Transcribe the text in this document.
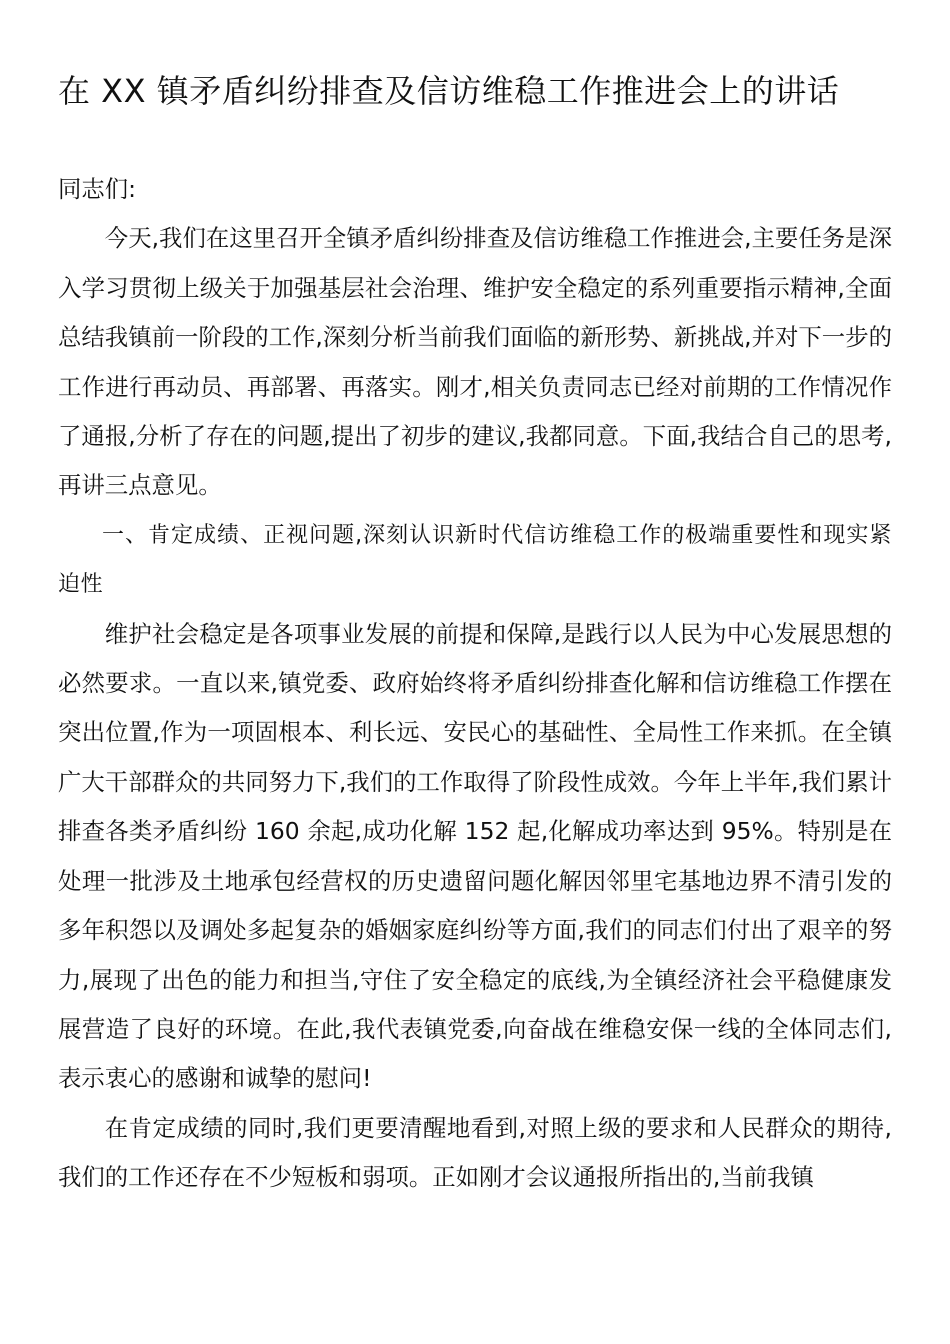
在 XX 镇矛盾纠纷排查及信访维稳工作推进会上的讲话

同志们:

今天,我们在这里召开全镇矛盾纠纷排查及信访维稳工作推进会,主要任务是深入学习贯彻上级关于加强基层社会治理、维护安全稳定的系列重要指示精神,全面总结我镇前一阶段的工作,深刻分析当前我们面临的新形势、新挑战,并对下一步的工作进行再动员、再部署、再落实。刚才,相关负责同志已经对前期的工作情况作了通报,分析了存在的问题,提出了初步的建议,我都同意。下面,我结合自己的思考,再讲三点意见。

一、肯定成绩、正视问题,深刻认识新时代信访维稳工作的极端重要性和现实紧迫性

维护社会稳定是各项事业发展的前提和保障,是践行以人民为中心发展思想的必然要求。一直以来,镇党委、政府始终将矛盾纠纷排查化解和信访维稳工作摆在突出位置,作为一项固根本、利长远、安民心的基础性、全局性工作来抓。在全镇广大干部群众的共同努力下,我们的工作取得了阶段性成效。今年上半年,我们累计排查各类矛盾纠纷 160 余起,成功化解 152 起,化解成功率达到 95%。特别是在处理一批涉及土地承包经营权的历史遗留问题化解因邻里宅基地边界不清引发的多年积怨以及调处多起复杂的婚姻家庭纠纷等方面,我们的同志们付出了艰辛的努力,展现了出色的能力和担当,守住了安全稳定的底线,为全镇经济社会平稳健康发展营造了良好的环境。在此,我代表镇党委,向奋战在维稳安保一线的全体同志们,表示衷心的感谢和诚挚的慰问!

在肯定成绩的同时,我们更要清醒地看到,对照上级的要求和人民群众的期待,我们的工作还存在不少短板和弱项。正如刚才会议通报所指出的,当前我镇
